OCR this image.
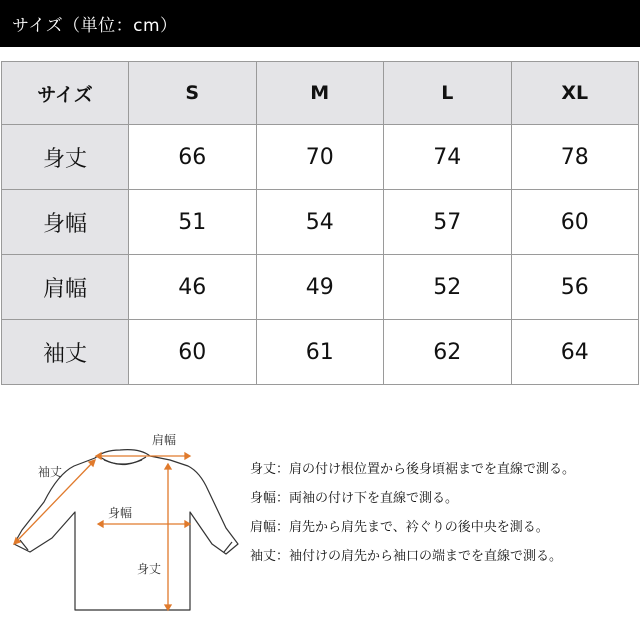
サイズ（単位：cm）
サイズ	S	M	L	XL
身丈	66	70	74	78
身幅	51	54	57	60
肩幅	46	49	52	56
袖丈	60	61	62	64
肩幅
袖丈
身幅
身丈
身丈：肩の付け根位置から後身頃裾までを直線で測る。
身幅：両袖の付け下を直線で測る。
肩幅：肩先から肩先まで、衿ぐりの後中央を測る。
袖丈：袖付けの肩先から袖口の端までを直線で測る。
